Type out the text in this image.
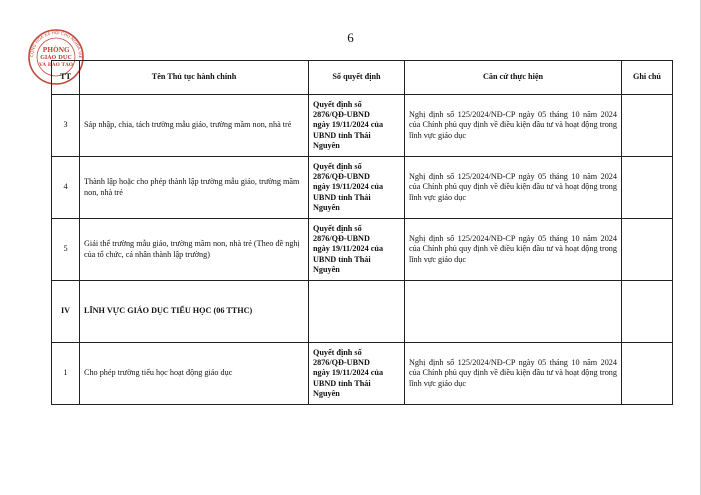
6
CỘNG HÒA XÃ HỘI CHỦ NGHĨA VIỆ
PHÒNG
GIÁO DỤC
VÀ ĐÀO TẠO
TT	Tên Thủ tục hành chính	Số quyết định	Căn cứ thực hiện	Ghi chú
3	Sáp nhập, chia, tách trường mẫu giáo, trường mầm non, nhà trẻ	Quyết định số
2876/QĐ-UBND
ngày 19/11/2024 của
UBND tỉnh Thái
Nguyên	Nghị định số 125/2024/NĐ-CP ngày 05 tháng 10 năm 2024 của Chính phủ quy định về điều kiện đầu tư và hoạt động trong lĩnh vực giáo dục	
4	Thành lập hoặc cho phép thành lập trường mẫu giáo, trường mầm non, nhà trẻ	Quyết định số
2876/QĐ-UBND
ngày 19/11/2024 của
UBND tỉnh Thái
Nguyên	Nghị định số 125/2024/NĐ-CP ngày 05 tháng 10 năm 2024 của Chính phủ quy định về điều kiện đầu tư và hoạt động trong lĩnh vực giáo dục	
5	Giải thể trường mẫu giáo, trường mầm non, nhà trẻ (Theo đề nghị của tổ chức, cá nhân thành lập trường)	Quyết định số
2876/QĐ-UBND
ngày 19/11/2024 của
UBND tỉnh Thái
Nguyên	Nghị định số 125/2024/NĐ-CP ngày 05 tháng 10 năm 2024 của Chính phủ quy định về điều kiện đầu tư và hoạt động trong lĩnh vực giáo dục	
IV	LĨNH VỰC GIÁO DỤC TIỂU HỌC (06 TTHC)			
1	Cho phép trường tiểu học hoạt động giáo dục	Quyết định số
2876/QĐ-UBND
ngày 19/11/2024 của
UBND tỉnh Thái
Nguyên	Nghị định số 125/2024/NĐ-CP ngày 05 tháng 10 năm 2024 của Chính phủ quy định về điều kiện đầu tư và hoạt động trong lĩnh vực giáo dục	
